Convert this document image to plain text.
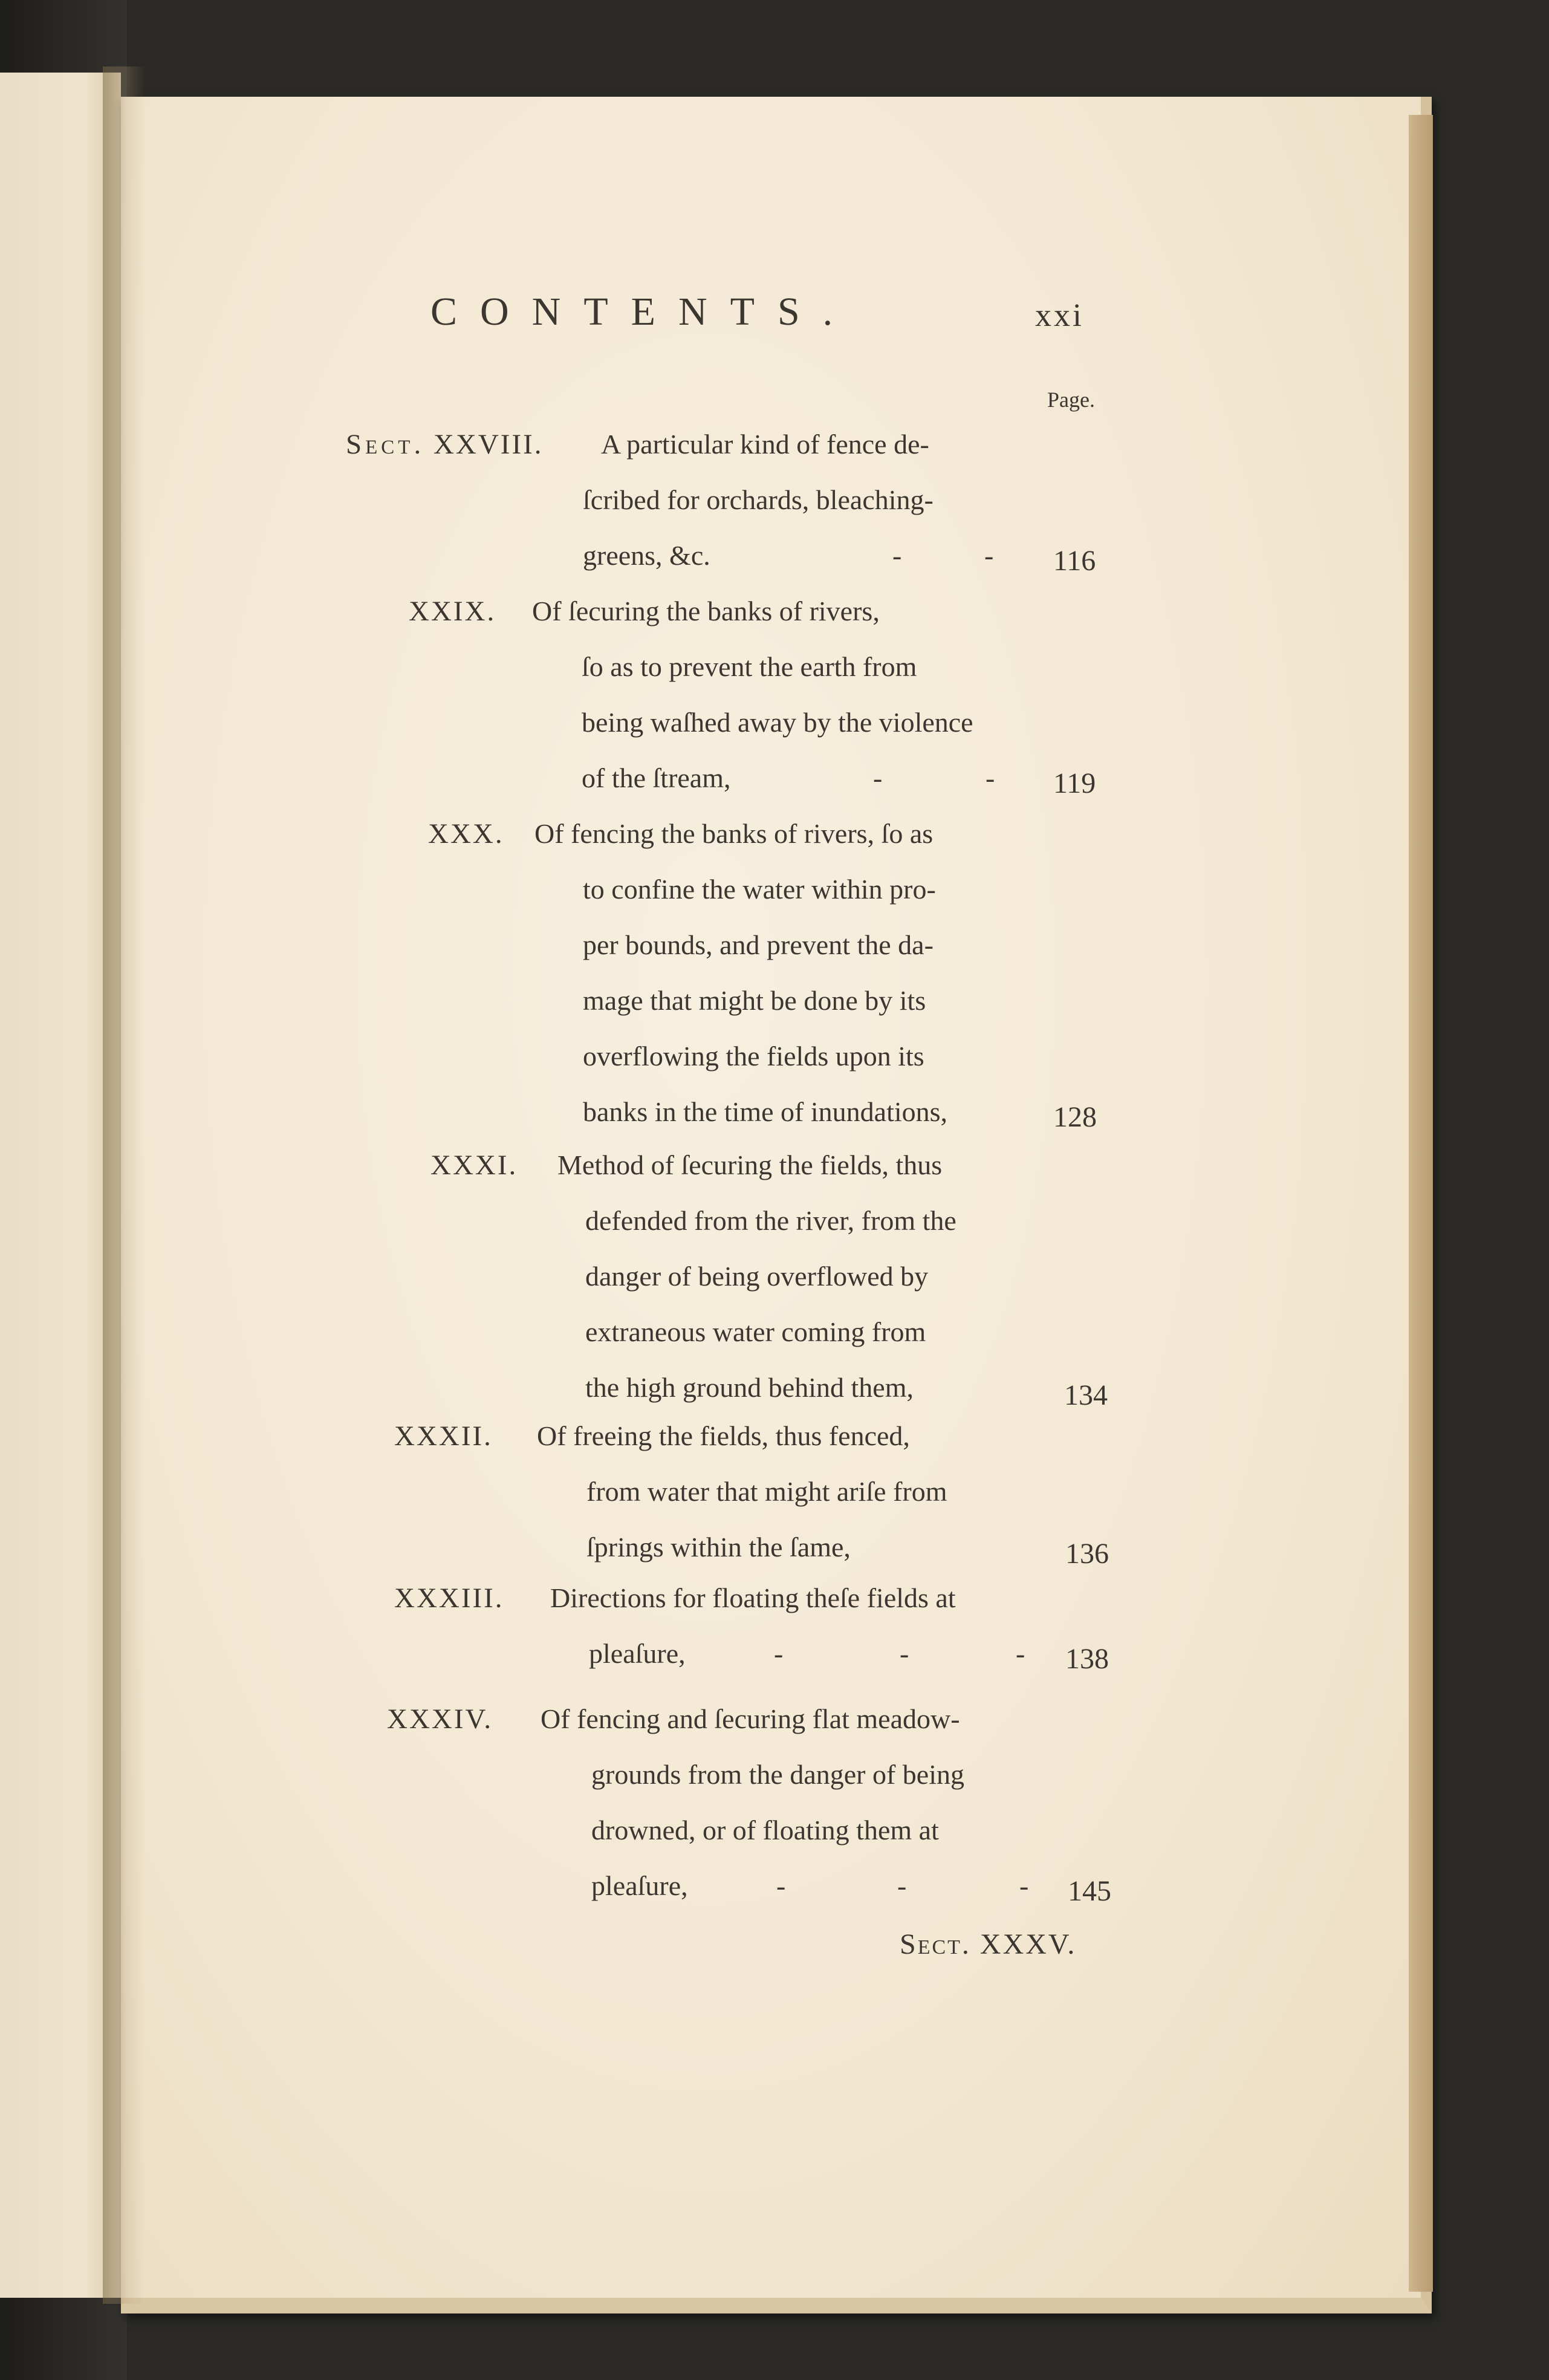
CONTENTS.	xxi
Page.
Sect. XXVIII. A particular kind of fence de-
ſcribed for orchards, bleaching-
greens, &c.	-	- 116
XXIX. Of ſecuring the banks of rivers,
ſo as to prevent the earth from
being waſhed away by the violence
of the ſtream,	-	- 119
XXX. Of fencing the banks of rivers, ſo as
to confine the water within pro-
per bounds, and prevent the da-
mage that might be done by its
overflowing the fields upon its
banks in the time of inundations,	128
XXXI. Method of ſecuring the fields, thus
defended from the river, from the
danger of being overflowed by
extraneous water coming from
the high ground behind them,	134
XXXII. Of freeing the fields, thus fenced,
from water that might ariſe from
ſprings within the ſame,	136
XXXIII. Directions for floating theſe fields at
pleaſure,	-	-	- 138
XXXIV. Of fencing and ſecuring flat meadow-
grounds from the danger of being
drowned, or of floating them at
pleaſure,	-	-	- 145
Sect. XXXV.
